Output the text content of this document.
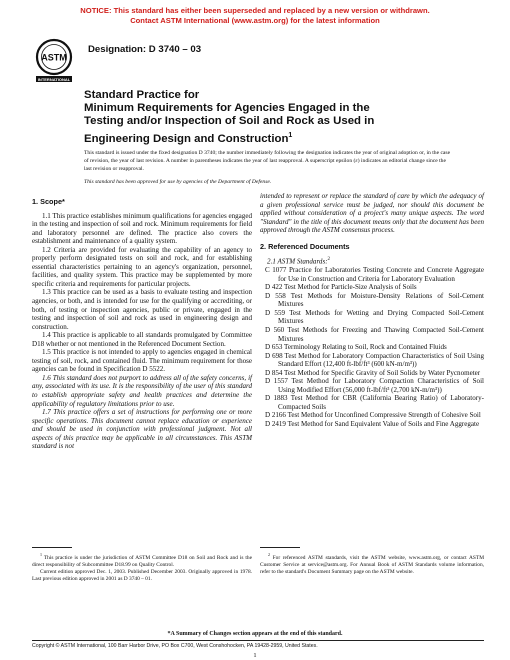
NOTICE: This standard has either been superseded and replaced by a new version or withdrawn.
Contact ASTM International (www.astm.org) for the latest information
ASTM
INTERNATIONAL
Designation: D 3740 – 03
Standard Practice for
Minimum Requirements for Agencies Engaged in the
Testing and/or Inspection of Soil and Rock as Used in
Engineering Design and Construction$^1$
This standard is issued under the fixed designation D 3740; the number immediately following the designation indicates the year of original adoption or, in the case of revision, the year of last revision. A number in parentheses indicates the year of last reapproval. A superscript epsilon (ε) indicates an editorial change since the last revision or reapproval.
This standard has been approved for use by agencies of the Department of Defense.

1. Scope*

1.1 This practice establishes minimum qualifications for agencies engaged in the testing and inspection of soil and rock. Minimum requirements for field and laboratory personnel are defined. The practice also covers the establishment and maintenance of a quality system.

1.2 Criteria are provided for evaluating the capability of an agency to properly perform designated tests on soil and rock, and for establishing essential characteristics pertaining to an agency's organization, personnel, facilities, and quality system. This practice may be supplemented by more specific criteria and requirements for particular projects.

1.3 This practice can be used as a basis to evaluate testing and inspection agencies, or both, and is intended for use for the qualifying or accrediting, or both, of testing or inspection agencies, public or private, engaged in the testing and inspection of soil and rock as used in engineering design and construction.

1.4 This practice is applicable to all standards promulgated by Committee D18 whether or not mentioned in the Referenced Document Section.

1.5 This practice is not intended to apply to agencies engaged in chemical testing of soil, rock, and contained fluid. The minimum requirement for those agencies can be found in Specification D 5522.

1.6 This standard does not purport to address all of the safety concerns, if any, associated with its use. It is the responsibility of the user of this standard to establish appropriate safety and health practices and determine the applicability of regulatory limitations prior to use.

1.7 This practice offers a set of instructions for performing one or more specific operations. This document cannot replace education or experience and should be used in conjunction with professional judgment. Not all aspects of this practice may be applicable in all circumstances. This ASTM standard is not

intended to represent or replace the standard of care by which the adequacy of a given professional service must be judged, nor should this document be applied without consideration of a project's many unique aspects. The word "Standard" in the title of this document means only that the document has been approved through the ASTM consensus process.

2. Referenced Documents

 2.1 ASTM Standards:$^2$

C 1077 Practice for Laboratories Testing Concrete and Concrete Aggregate for Use in Construction and Criteria for Laboratory Evaluation

D 422 Test Method for Particle-Size Analysis of Soils

D 558 Test Methods for Moisture-Density Relations of Soil-Cement Mixtures

D 559 Test Methods for Wetting and Drying Compacted Soil-Cement Mixtures

D 560 Test Methods for Freezing and Thawing Compacted Soil-Cement Mixtures

D 653 Terminology Relating to Soil, Rock and Contained Fluids

D 698 Test Method for Laboratory Compaction Characteristics of Soil Using Standard Effort (12,400 ft-lbf/ft³ (600 kN-m/m³))

D 854 Test Method for Specific Gravity of Soil Solids by Water Pycnometer

D 1557 Test Method for Laboratory Compaction Characteristics of Soil Using Modified Effort (56,000 ft-lbf/ft³ (2,700 kN-m/m³))

D 1883 Test Method for CBR (California Bearing Ratio) of Laboratory-Compacted Soils

D 2166 Test Method for Unconfined Compressive Strength of Cohesive Soil

D 2419 Test Method for Sand Equivalent Value of Soils and Fine Aggregate

$^1$ This practice is under the jurisdiction of ASTM Committee D18 on Soil and Rock and is the direct responsibility of Subcommittee D18.99 on Quality Control.

Current edition approved Dec. 1, 2003. Published December 2003. Originally approved in 1978. Last previous edition approved in 2001 as D 3740 – 01.

$^2$ For referenced ASTM standards, visit the ASTM website, www.astm.org, or contact ASTM Customer Service at service@astm.org. For Annual Book of ASTM Standards volume information, refer to the standard's Document Summary page on the ASTM website.

*A Summary of Changes section appears at the end of this standard.
Copyright © ASTM International, 100 Barr Harbor Drive, PO Box C700, West Conshohocken, PA 19428-2959, United States.
1
